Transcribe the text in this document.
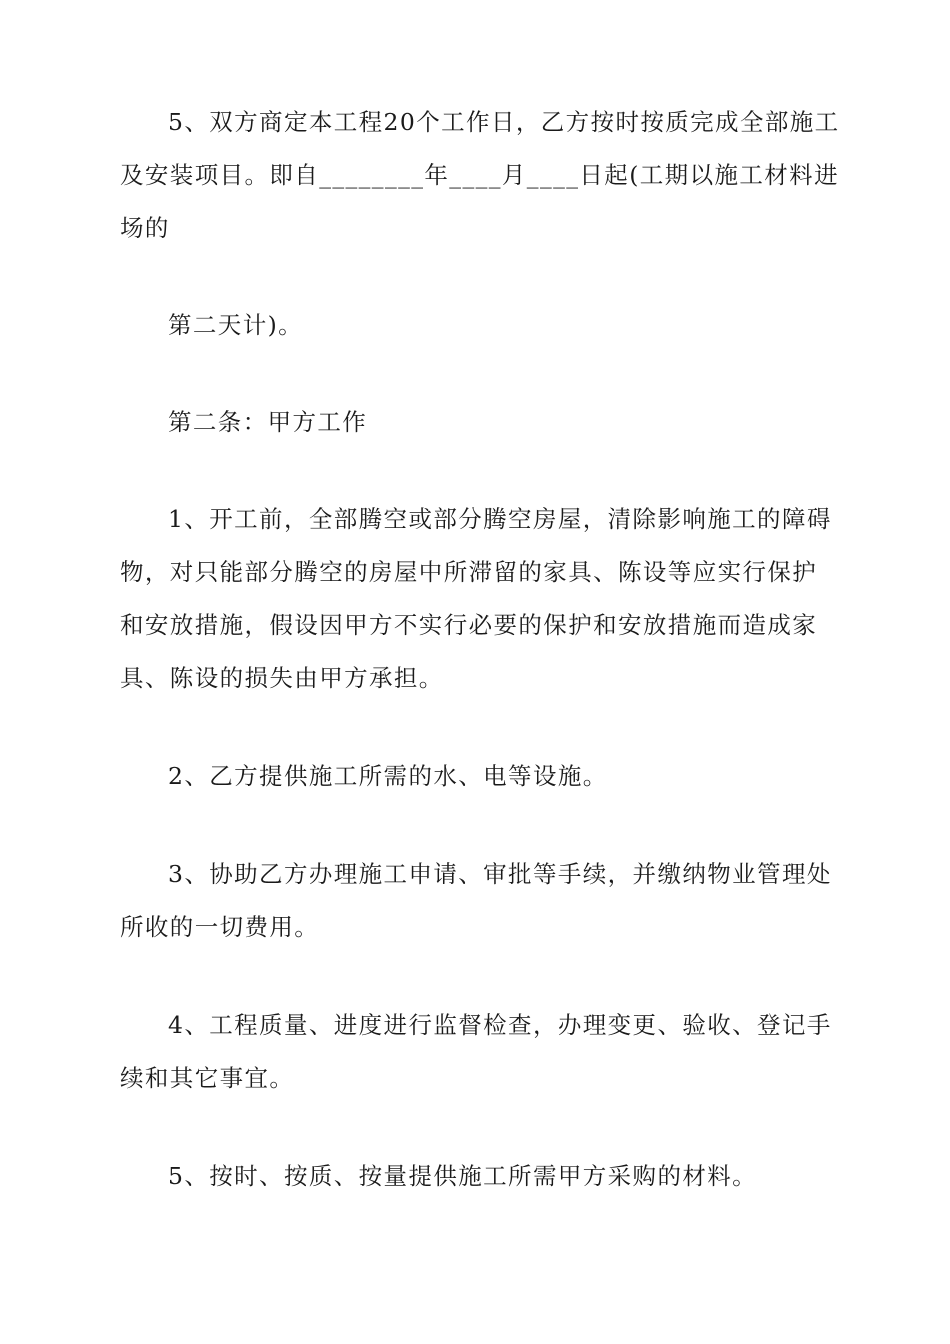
5、双方商定本工程20个工作日，乙方按时按质完成全部施工及安装项目。即自________年____月____日起(工期以施工材料进场的

第二天计)。

第二条：甲方工作

1、开工前，全部腾空或部分腾空房屋，清除影响施工的障碍物，对只能部分腾空的房屋中所滞留的家具、陈设等应实行保护和安放措施，假设因甲方不实行必要的保护和安放措施而造成家具、陈设的损失由甲方承担。

2、乙方提供施工所需的水、电等设施。

3、协助乙方办理施工申请、审批等手续，并缴纳物业管理处所收的一切费用。

4、工程质量、进度进行监督检查，办理变更、验收、登记手续和其它事宜。

5、按时、按质、按量提供施工所需甲方采购的材料。
